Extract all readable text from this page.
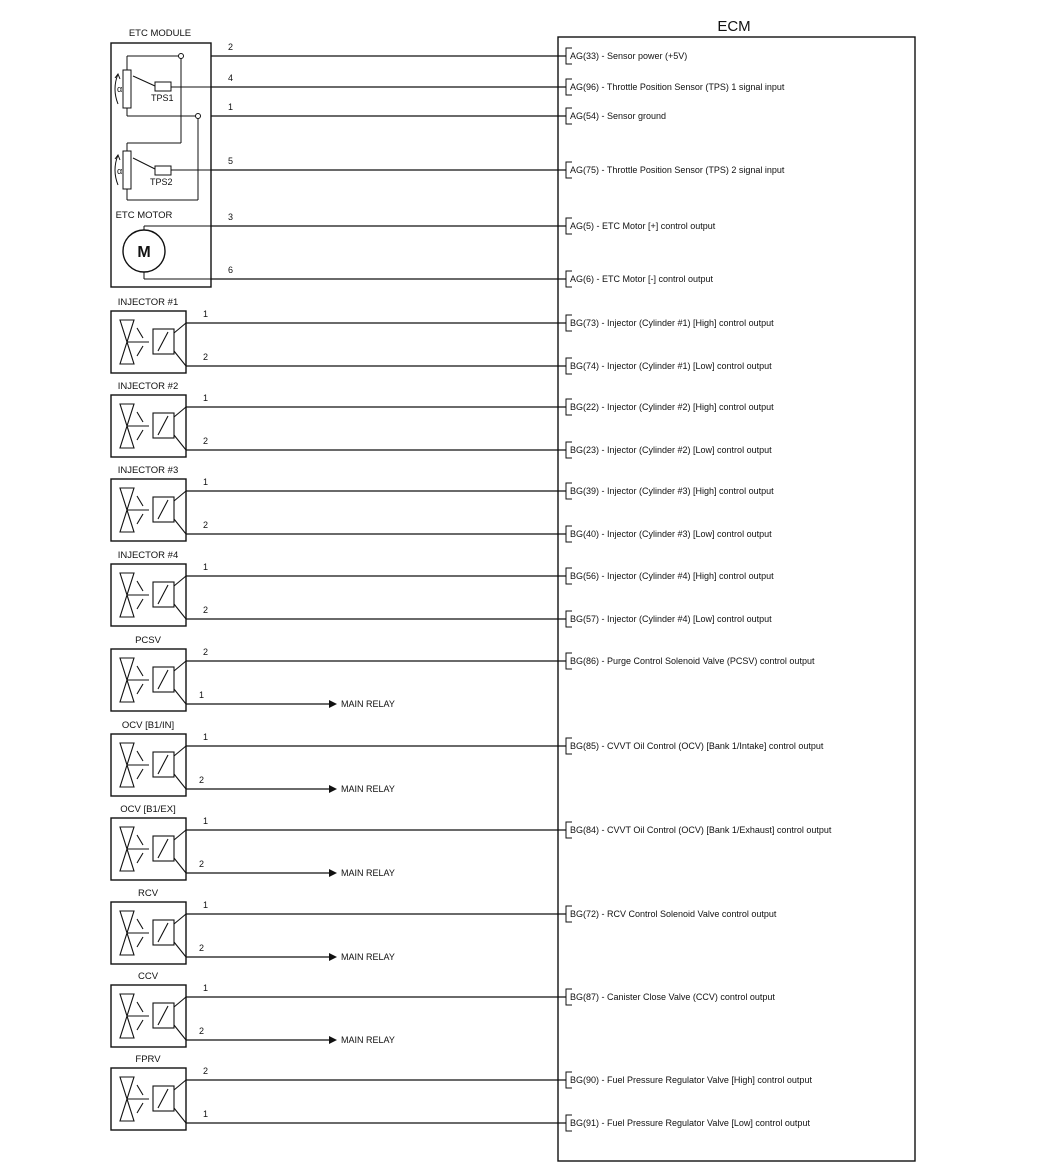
ECM
ETC MODULE
ETC MOTOR
α
TPS1
α
TPS2
M
2
AG(33) - Sensor power (+5V)
4
AG(96) - Throttle Position Sensor (TPS) 1 signal input
1
AG(54) - Sensor ground
5
AG(75) - Throttle Position Sensor (TPS) 2 signal input
3
AG(5) - ETC Motor [+] control output
6
AG(6) - ETC Motor [-] control output
1
BG(73) - Injector (Cylinder #1) [High] control output
2
BG(74) - Injector (Cylinder #1) [Low] control output
1
BG(22) - Injector (Cylinder #2) [High] control output
2
BG(23) - Injector (Cylinder #2) [Low] control output
1
BG(39) - Injector (Cylinder #3) [High] control output
2
BG(40) - Injector (Cylinder #3) [Low] control output
1
BG(56) - Injector (Cylinder #4) [High] control output
2
BG(57) - Injector (Cylinder #4) [Low] control output
2
BG(86) - Purge Control Solenoid Valve (PCSV) control output
1
MAIN RELAY
1
BG(85) - CVVT Oil Control (OCV) [Bank 1/Intake] control output
2
MAIN RELAY
1
BG(84) - CVVT Oil Control (OCV) [Bank 1/Exhaust] control output
2
MAIN RELAY
1
BG(72) - RCV Control Solenoid Valve control output
2
MAIN RELAY
1
BG(87) - Canister Close Valve (CCV) control output
2
MAIN RELAY
2
BG(90) - Fuel Pressure Regulator Valve [High] control output
1
BG(91) - Fuel Pressure Regulator Valve [Low] control output
INJECTOR #1
INJECTOR #2
INJECTOR #3
INJECTOR #4
PCSV
OCV [B1/IN]
OCV [B1/EX]
RCV
CCV
FPRV
